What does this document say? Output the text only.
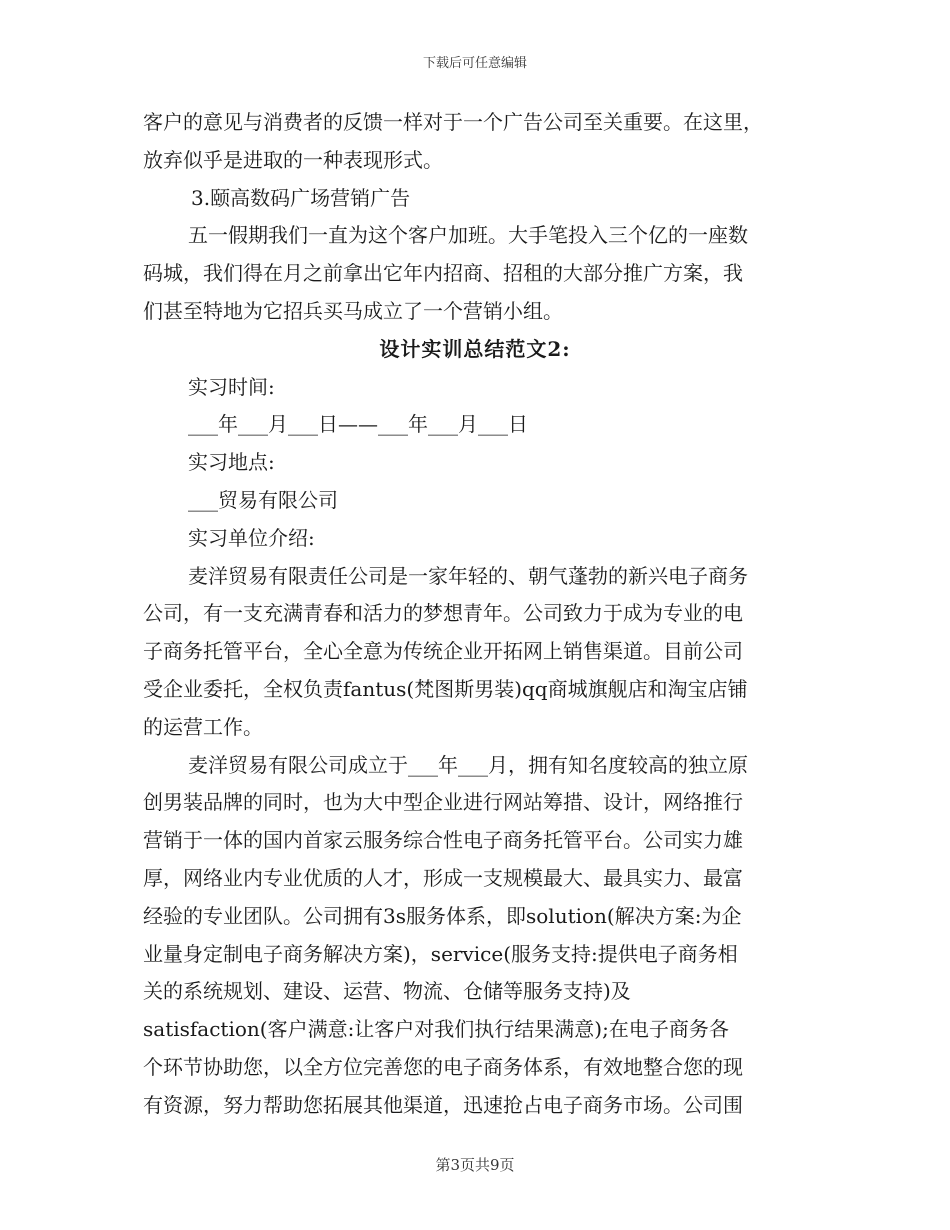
下载后可任意编辑
客户的意见与消费者的反馈一样对于一个广告公司至关重要。在这里，
放弃似乎是进取的一种表现形式。
3.颐高数码广场营销广告
五一假期我们一直为这个客户加班。大手笔投入三个亿的一座数
码城，我们得在月之前拿出它年内招商、招租的大部分推广方案，我
们甚至特地为它招兵买马成立了一个营销小组。
设计实训总结范文2:
实习时间:
___年___月___日——___年___月___日
实习地点:
___贸易有限公司
实习单位介绍:
麦洋贸易有限责任公司是一家年轻的、朝气蓬勃的新兴电子商务
公司，有一支充满青春和活力的梦想青年。公司致力于成为专业的电
子商务托管平台，全心全意为传统企业开拓网上销售渠道。目前公司
受企业委托，全权负责fantus(梵图斯男装)qq商城旗舰店和淘宝店铺
的运营工作。
麦洋贸易有限公司成立于___年___月，拥有知名度较高的独立原
创男装品牌的同时，也为大中型企业进行网站筹措、设计，网络推行
营销于一体的国内首家云服务综合性电子商务托管平台。公司实力雄
厚，网络业内专业优质的人才，形成一支规模最大、最具实力、最富
经验的专业团队。公司拥有3s服务体系，即solution(解决方案:为企
业量身定制电子商务解决方案)，service(服务支持:提供电子商务相
关的系统规划、建设、运营、物流、仓储等服务支持)及
satisfaction(客户满意:让客户对我们执行结果满意);在电子商务各
个环节协助您，以全方位完善您的电子商务体系，有效地整合您的现
有资源，努力帮助您拓展其他渠道，迅速抢占电子商务市场。公司围
第3页共9页
